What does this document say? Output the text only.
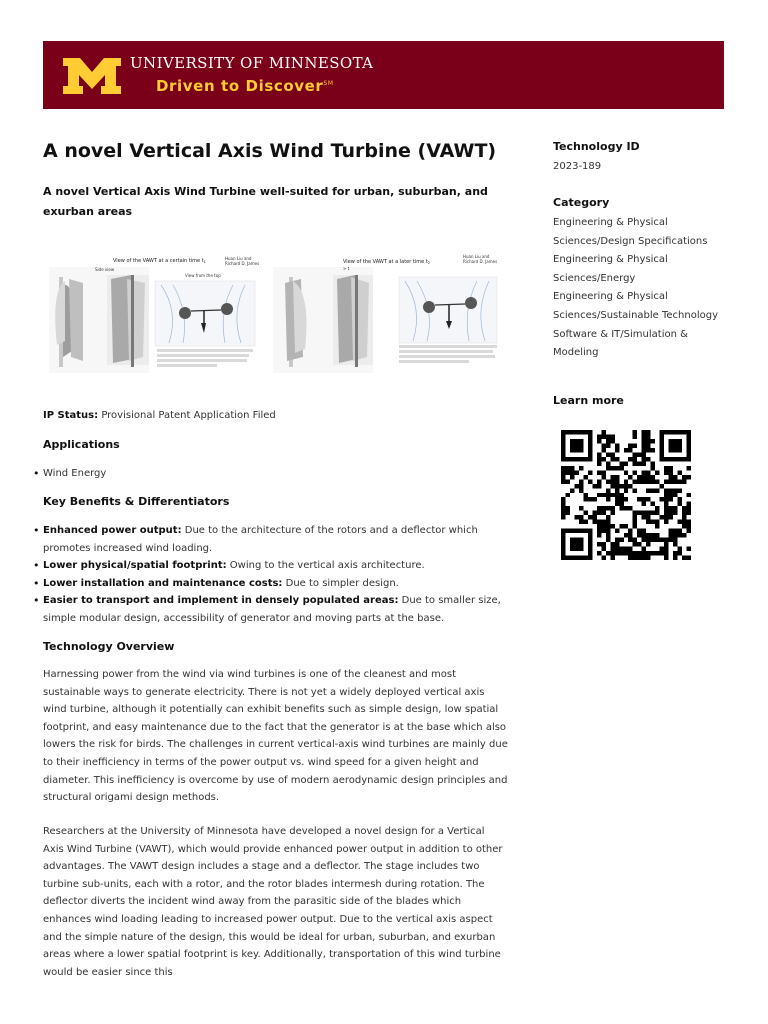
UNIVERSITY OF MINNESOTA
Driven to Discover℠
A novel Vertical Axis Wind Turbine (VAWT)

A novel Vertical Axis Wind Turbine well-suited for urban, suburban, and exurban areas

Side view
View of the VAWT at a certain time $t_1$
Huan Liu and
Richard D. James
View from the top
View of the VAWT at a later time $t_2$
Huan Liu and
Richard D. James
> t
IP Status: Provisional Patent Application Filed
Applications
• Wind Energy
Key Benefits & Differentiators
• Enhanced power output: Due to the architecture of the rotors and a deflector which promotes increased wind loading.
• Lower physical/spatial footprint: Owing to the vertical axis architecture.
• Lower installation and maintenance costs: Due to simpler design.
• Easier to transport and implement in densely populated areas: Due to smaller size, simple modular design, accessibility of generator and moving parts at the base.
Technology Overview

Harnessing power from the wind via wind turbines is one of the cleanest and most sustainable ways to generate electricity. There is not yet a widely deployed vertical axis wind turbine, although it potentially can exhibit benefits such as simple design, low spatial footprint, and easy maintenance due to the fact that the generator is at the base which also lowers the risk for birds. The challenges in current vertical-axis wind turbines are mainly due to their inefficiency in terms of the power output vs. wind speed for a given height and diameter. This inefficiency is overcome by use of modern aerodynamic design principles and structural origami design methods.

Researchers at the University of Minnesota have developed a novel design for a Vertical Axis Wind Turbine (VAWT), which would provide enhanced power output in addition to other advantages. The VAWT design includes a stage and a deflector. The stage includes two turbine sub-units, each with a rotor, and the rotor blades intermesh during rotation. The deflector diverts the incident wind away from the parasitic side of the blades which enhances wind loading leading to increased power output. Due to the vertical axis aspect and the simple nature of the design, this would be ideal for urban, suburban, and exurban areas where a lower spatial footprint is key. Additionally, transportation of this wind turbine would be easier since this

Technology ID
2023-189
Category
Engineering & Physical
Sciences/Design Specifications
Engineering & Physical
Sciences/Energy
Engineering & Physical
Sciences/Sustainable Technology
Software & IT/Simulation &
Modeling
Learn more
